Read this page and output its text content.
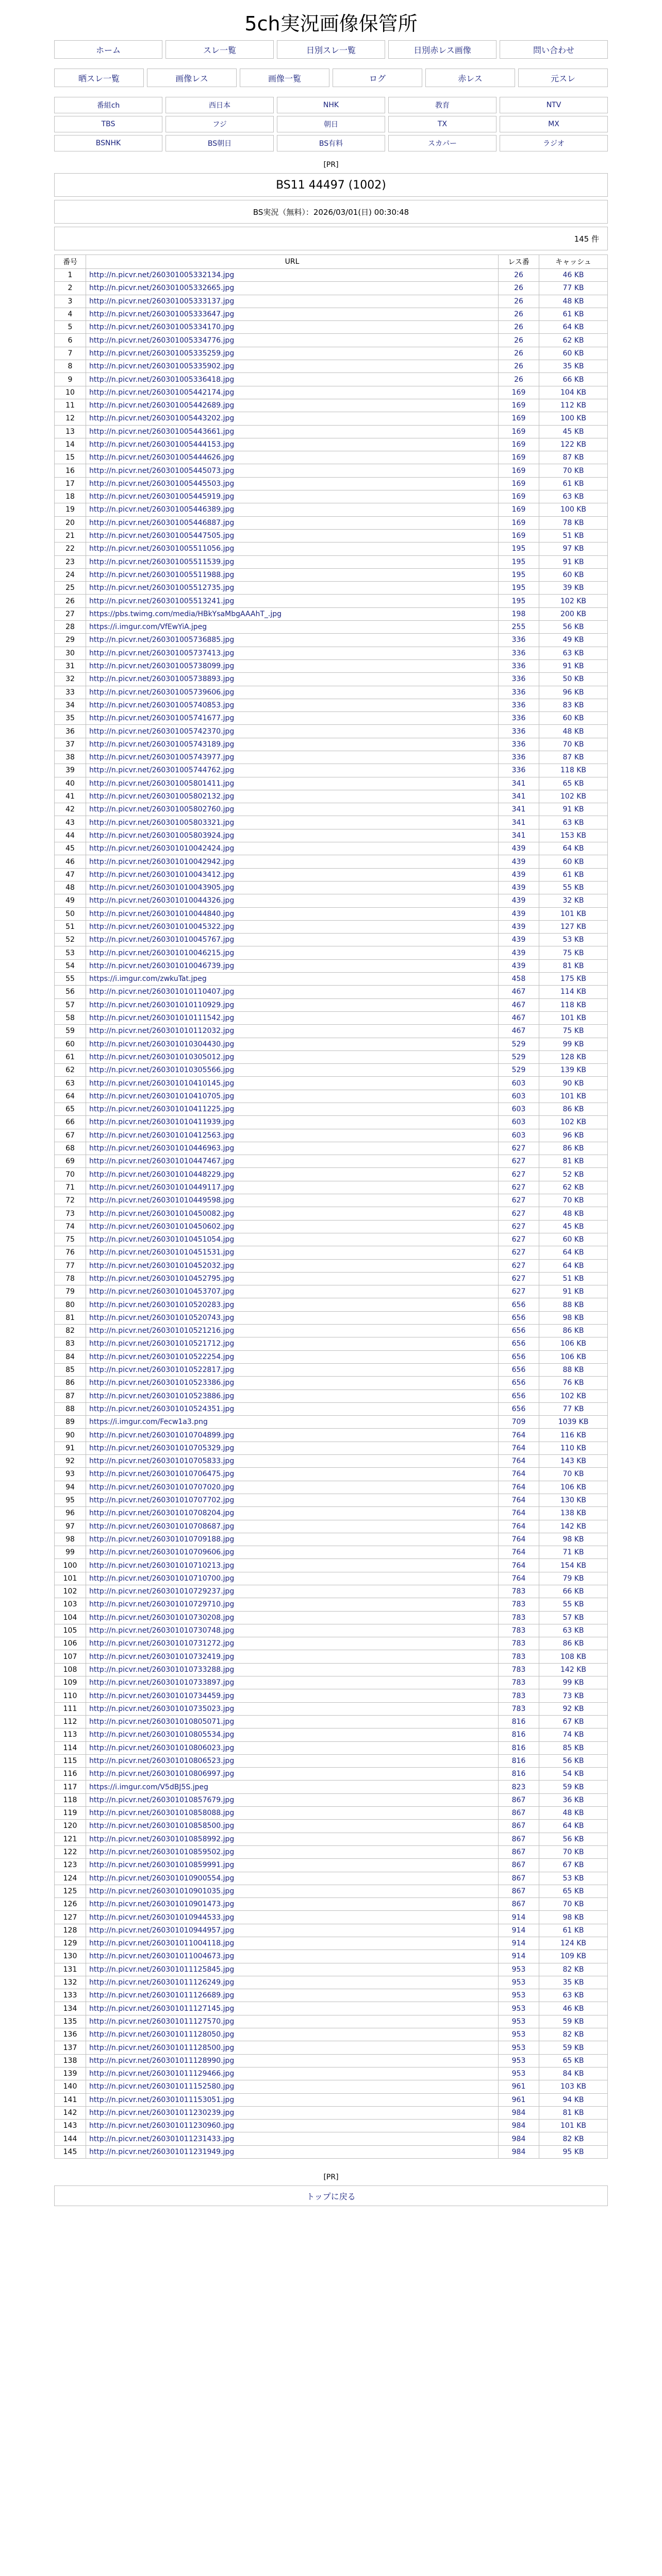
5ch実況画像保管所
ホーム	スレ一覧	日別スレ一覧	日別赤レス画像	問い合わせ
晒スレ一覧	画像レス	画像一覧	ログ	赤レス	元スレ
番組ch	西日本	NHK	教育	NTV
TBS	フジ	朝日	TX	MX
BSNHK	BS朝日	BS有料	スカパー	ラジオ
[PR]
BS11 44497 (1002)
BS実況（無料）：2026/03/01(日) 00:30:48
145 件
番号	URL	レス番	キャッシュ
1	http://n.picvr.net/260301005332134.jpg	26	46 KB
2	http://n.picvr.net/260301005332665.jpg	26	77 KB
3	http://n.picvr.net/260301005333137.jpg	26	48 KB
4	http://n.picvr.net/260301005333647.jpg	26	61 KB
5	http://n.picvr.net/260301005334170.jpg	26	64 KB
6	http://n.picvr.net/260301005334776.jpg	26	62 KB
7	http://n.picvr.net/260301005335259.jpg	26	60 KB
8	http://n.picvr.net/260301005335902.jpg	26	35 KB
9	http://n.picvr.net/260301005336418.jpg	26	66 KB
10	http://n.picvr.net/260301005442174.jpg	169	104 KB
11	http://n.picvr.net/260301005442689.jpg	169	112 KB
12	http://n.picvr.net/260301005443202.jpg	169	100 KB
13	http://n.picvr.net/260301005443661.jpg	169	45 KB
14	http://n.picvr.net/260301005444153.jpg	169	122 KB
15	http://n.picvr.net/260301005444626.jpg	169	87 KB
16	http://n.picvr.net/260301005445073.jpg	169	70 KB
17	http://n.picvr.net/260301005445503.jpg	169	61 KB
18	http://n.picvr.net/260301005445919.jpg	169	63 KB
19	http://n.picvr.net/260301005446389.jpg	169	100 KB
20	http://n.picvr.net/260301005446887.jpg	169	78 KB
21	http://n.picvr.net/260301005447505.jpg	169	51 KB
22	http://n.picvr.net/260301005511056.jpg	195	97 KB
23	http://n.picvr.net/260301005511539.jpg	195	91 KB
24	http://n.picvr.net/260301005511988.jpg	195	60 KB
25	http://n.picvr.net/260301005512735.jpg	195	39 KB
26	http://n.picvr.net/260301005513241.jpg	195	102 KB
27	https://pbs.twimg.com/media/HBkYsaMbgAAAhT_.jpg	198	200 KB
28	https://i.imgur.com/VfEwYiA.jpeg	255	56 KB
29	http://n.picvr.net/260301005736885.jpg	336	49 KB
30	http://n.picvr.net/260301005737413.jpg	336	63 KB
31	http://n.picvr.net/260301005738099.jpg	336	91 KB
32	http://n.picvr.net/260301005738893.jpg	336	50 KB
33	http://n.picvr.net/260301005739606.jpg	336	96 KB
34	http://n.picvr.net/260301005740853.jpg	336	83 KB
35	http://n.picvr.net/260301005741677.jpg	336	60 KB
36	http://n.picvr.net/260301005742370.jpg	336	48 KB
37	http://n.picvr.net/260301005743189.jpg	336	70 KB
38	http://n.picvr.net/260301005743977.jpg	336	87 KB
39	http://n.picvr.net/260301005744762.jpg	336	118 KB
40	http://n.picvr.net/260301005801411.jpg	341	65 KB
41	http://n.picvr.net/260301005802132.jpg	341	102 KB
42	http://n.picvr.net/260301005802760.jpg	341	91 KB
43	http://n.picvr.net/260301005803321.jpg	341	63 KB
44	http://n.picvr.net/260301005803924.jpg	341	153 KB
45	http://n.picvr.net/260301010042424.jpg	439	64 KB
46	http://n.picvr.net/260301010042942.jpg	439	60 KB
47	http://n.picvr.net/260301010043412.jpg	439	61 KB
48	http://n.picvr.net/260301010043905.jpg	439	55 KB
49	http://n.picvr.net/260301010044326.jpg	439	32 KB
50	http://n.picvr.net/260301010044840.jpg	439	101 KB
51	http://n.picvr.net/260301010045322.jpg	439	127 KB
52	http://n.picvr.net/260301010045767.jpg	439	53 KB
53	http://n.picvr.net/260301010046215.jpg	439	75 KB
54	http://n.picvr.net/260301010046739.jpg	439	81 KB
55	https://i.imgur.com/zwkuTat.jpeg	458	175 KB
56	http://n.picvr.net/260301010110407.jpg	467	114 KB
57	http://n.picvr.net/260301010110929.jpg	467	118 KB
58	http://n.picvr.net/260301010111542.jpg	467	101 KB
59	http://n.picvr.net/260301010112032.jpg	467	75 KB
60	http://n.picvr.net/260301010304430.jpg	529	99 KB
61	http://n.picvr.net/260301010305012.jpg	529	128 KB
62	http://n.picvr.net/260301010305566.jpg	529	139 KB
63	http://n.picvr.net/260301010410145.jpg	603	90 KB
64	http://n.picvr.net/260301010410705.jpg	603	101 KB
65	http://n.picvr.net/260301010411225.jpg	603	86 KB
66	http://n.picvr.net/260301010411939.jpg	603	102 KB
67	http://n.picvr.net/260301010412563.jpg	603	96 KB
68	http://n.picvr.net/260301010446963.jpg	627	86 KB
69	http://n.picvr.net/260301010447467.jpg	627	81 KB
70	http://n.picvr.net/260301010448229.jpg	627	52 KB
71	http://n.picvr.net/260301010449117.jpg	627	62 KB
72	http://n.picvr.net/260301010449598.jpg	627	70 KB
73	http://n.picvr.net/260301010450082.jpg	627	48 KB
74	http://n.picvr.net/260301010450602.jpg	627	45 KB
75	http://n.picvr.net/260301010451054.jpg	627	60 KB
76	http://n.picvr.net/260301010451531.jpg	627	64 KB
77	http://n.picvr.net/260301010452032.jpg	627	64 KB
78	http://n.picvr.net/260301010452795.jpg	627	51 KB
79	http://n.picvr.net/260301010453707.jpg	627	91 KB
80	http://n.picvr.net/260301010520283.jpg	656	88 KB
81	http://n.picvr.net/260301010520743.jpg	656	98 KB
82	http://n.picvr.net/260301010521216.jpg	656	86 KB
83	http://n.picvr.net/260301010521712.jpg	656	106 KB
84	http://n.picvr.net/260301010522254.jpg	656	106 KB
85	http://n.picvr.net/260301010522817.jpg	656	88 KB
86	http://n.picvr.net/260301010523386.jpg	656	76 KB
87	http://n.picvr.net/260301010523886.jpg	656	102 KB
88	http://n.picvr.net/260301010524351.jpg	656	77 KB
89	https://i.imgur.com/Fecw1a3.png	709	1039 KB
90	http://n.picvr.net/260301010704899.jpg	764	116 KB
91	http://n.picvr.net/260301010705329.jpg	764	110 KB
92	http://n.picvr.net/260301010705833.jpg	764	143 KB
93	http://n.picvr.net/260301010706475.jpg	764	70 KB
94	http://n.picvr.net/260301010707020.jpg	764	106 KB
95	http://n.picvr.net/260301010707702.jpg	764	130 KB
96	http://n.picvr.net/260301010708204.jpg	764	138 KB
97	http://n.picvr.net/260301010708687.jpg	764	142 KB
98	http://n.picvr.net/260301010709188.jpg	764	98 KB
99	http://n.picvr.net/260301010709606.jpg	764	71 KB
100	http://n.picvr.net/260301010710213.jpg	764	154 KB
101	http://n.picvr.net/260301010710700.jpg	764	79 KB
102	http://n.picvr.net/260301010729237.jpg	783	66 KB
103	http://n.picvr.net/260301010729710.jpg	783	55 KB
104	http://n.picvr.net/260301010730208.jpg	783	57 KB
105	http://n.picvr.net/260301010730748.jpg	783	63 KB
106	http://n.picvr.net/260301010731272.jpg	783	86 KB
107	http://n.picvr.net/260301010732419.jpg	783	108 KB
108	http://n.picvr.net/260301010733288.jpg	783	142 KB
109	http://n.picvr.net/260301010733897.jpg	783	99 KB
110	http://n.picvr.net/260301010734459.jpg	783	73 KB
111	http://n.picvr.net/260301010735023.jpg	783	92 KB
112	http://n.picvr.net/260301010805071.jpg	816	67 KB
113	http://n.picvr.net/260301010805534.jpg	816	74 KB
114	http://n.picvr.net/260301010806023.jpg	816	85 KB
115	http://n.picvr.net/260301010806523.jpg	816	56 KB
116	http://n.picvr.net/260301010806997.jpg	816	54 KB
117	https://i.imgur.com/V5dBJ5S.jpeg	823	59 KB
118	http://n.picvr.net/260301010857679.jpg	867	36 KB
119	http://n.picvr.net/260301010858088.jpg	867	48 KB
120	http://n.picvr.net/260301010858500.jpg	867	64 KB
121	http://n.picvr.net/260301010858992.jpg	867	56 KB
122	http://n.picvr.net/260301010859502.jpg	867	70 KB
123	http://n.picvr.net/260301010859991.jpg	867	67 KB
124	http://n.picvr.net/260301010900554.jpg	867	53 KB
125	http://n.picvr.net/260301010901035.jpg	867	65 KB
126	http://n.picvr.net/260301010901473.jpg	867	70 KB
127	http://n.picvr.net/260301010944533.jpg	914	98 KB
128	http://n.picvr.net/260301010944957.jpg	914	61 KB
129	http://n.picvr.net/260301011004118.jpg	914	124 KB
130	http://n.picvr.net/260301011004673.jpg	914	109 KB
131	http://n.picvr.net/260301011125845.jpg	953	82 KB
132	http://n.picvr.net/260301011126249.jpg	953	35 KB
133	http://n.picvr.net/260301011126689.jpg	953	63 KB
134	http://n.picvr.net/260301011127145.jpg	953	46 KB
135	http://n.picvr.net/260301011127570.jpg	953	59 KB
136	http://n.picvr.net/260301011128050.jpg	953	82 KB
137	http://n.picvr.net/260301011128500.jpg	953	59 KB
138	http://n.picvr.net/260301011128990.jpg	953	65 KB
139	http://n.picvr.net/260301011129466.jpg	953	84 KB
140	http://n.picvr.net/260301011152580.jpg	961	103 KB
141	http://n.picvr.net/260301011153051.jpg	961	94 KB
142	http://n.picvr.net/260301011230239.jpg	984	81 KB
143	http://n.picvr.net/260301011230960.jpg	984	101 KB
144	http://n.picvr.net/260301011231433.jpg	984	82 KB
145	http://n.picvr.net/260301011231949.jpg	984	95 KB
[PR]
トップに戻る
